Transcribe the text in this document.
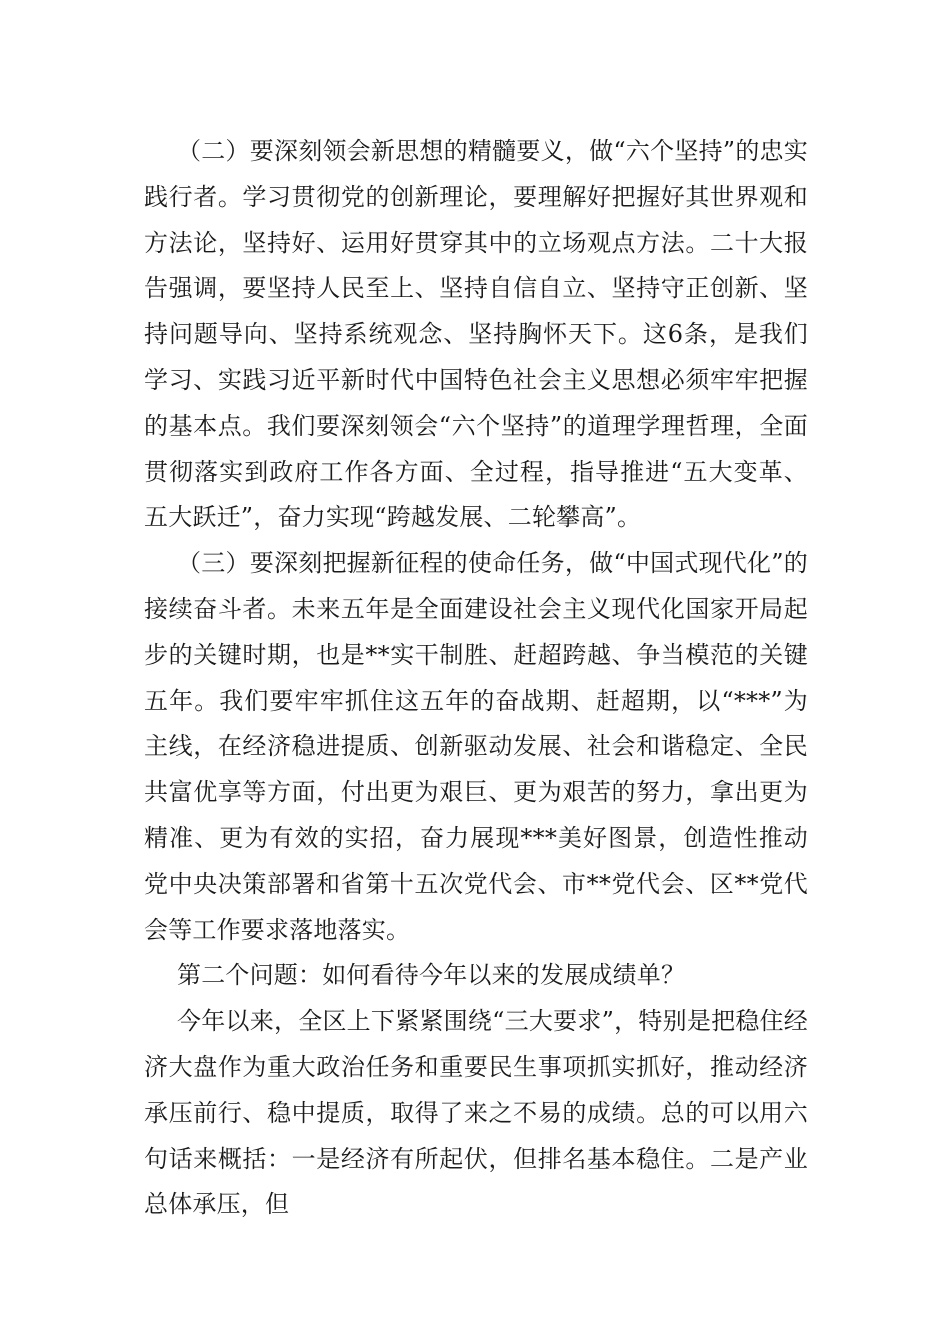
（二）要深刻领会新思想的精髓要义，做“六个坚持”的忠实践行者。学习贯彻党的创新理论，要理解好把握好其世界观和方法论，坚持好、运用好贯穿其中的立场观点方法。二十大报告强调，要坚持人民至上、坚持自信自立、坚持守正创新、坚持问题导向、坚持系统观念、坚持胸怀天下。这6条，是我们学习、实践习近平新时代中国特色社会主义思想必须牢牢把握的基本点。我们要深刻领会“六个坚持”的道理学理哲理，全面贯彻落实到政府工作各方面、全过程，指导推进“五大变革、五大跃迁”，奋力实现“跨越发展、二轮攀高”。

（三）要深刻把握新征程的使命任务，做“中国式现代化”的接续奋斗者。未来五年是全面建设社会主义现代化国家开局起步的关键时期，也是**实干制胜、赶超跨越、争当模范的关键五年。我们要牢牢抓住这五年的奋战期、赶超期，以“***”为主线，在经济稳进提质、创新驱动发展、社会和谐稳定、全民共富优享等方面，付出更为艰巨、更为艰苦的努力，拿出更为精准、更为有效的实招，奋力展现***美好图景，创造性推动党中央决策部署和省第十五次党代会、市**党代会、区**党代会等工作要求落地落实。

第二个问题：如何看待今年以来的发展成绩单？

今年以来，全区上下紧紧围绕“三大要求”，特别是把稳住经济大盘作为重大政治任务和重要民生事项抓实抓好，推动经济承压前行、稳中提质，取得了来之不易的成绩。总的可以用六句话来概括：一是经济有所起伏，但排名基本稳住。二是产业总体承压，但
